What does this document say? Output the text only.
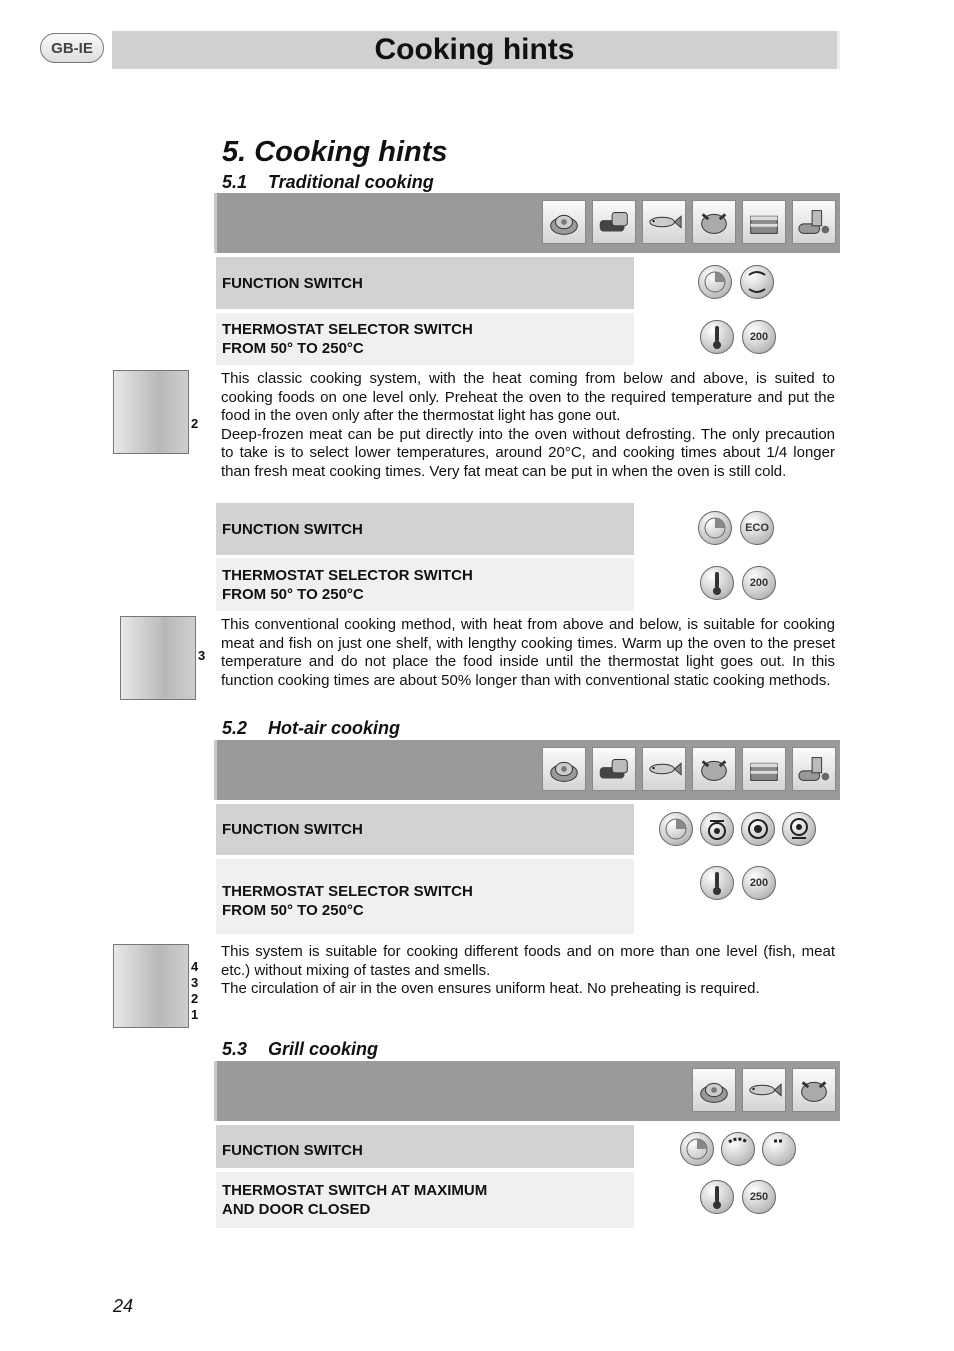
GB-IE	Cooking hints
5. Cooking hints
5.1 Traditional cooking
FUNCTION SWITCH
THERMOSTAT SELECTOR SWITCH
FROM 50° TO 250°C
200
2

This classic cooking system, with the heat coming from below and above, is suited to cooking foods on one level only. Preheat the oven to the required temperature and put the food in the oven only after the thermostat light has gone out.

Deep-frozen meat can be put directly into the oven without defrosting. The only precaution to take is to select lower temperatures, around 20°C, and cooking times about 1/4 longer than fresh meat cooking times. Very fat meat can be put in when the oven is still cold.

FUNCTION SWITCH	ECO
THERMOSTAT SELECTOR SWITCH
FROM 50° TO 250°C
200
3

This conventional cooking method, with heat from above and below, is suitable for cooking meat and fish on just one shelf, with lengthy cooking times. Warm up the oven to the preset temperature and do not place the food inside until the thermostat light goes out. In this function cooking times are about 50% longer than with conventional static cooking methods.

5.2 Hot-air cooking
FUNCTION SWITCH
THERMOSTAT SELECTOR SWITCH
FROM 50° TO 250°C
200
4
3
2
1

This system is suitable for cooking different foods and on more than one level (fish, meat etc.) without mixing of tastes and smells.

The circulation of air in the oven ensures uniform heat. No preheating is required.

5.3 Grill cooking
FUNCTION SWITCH
THERMOSTAT SWITCH AT MAXIMUM
AND DOOR CLOSED
250
24
